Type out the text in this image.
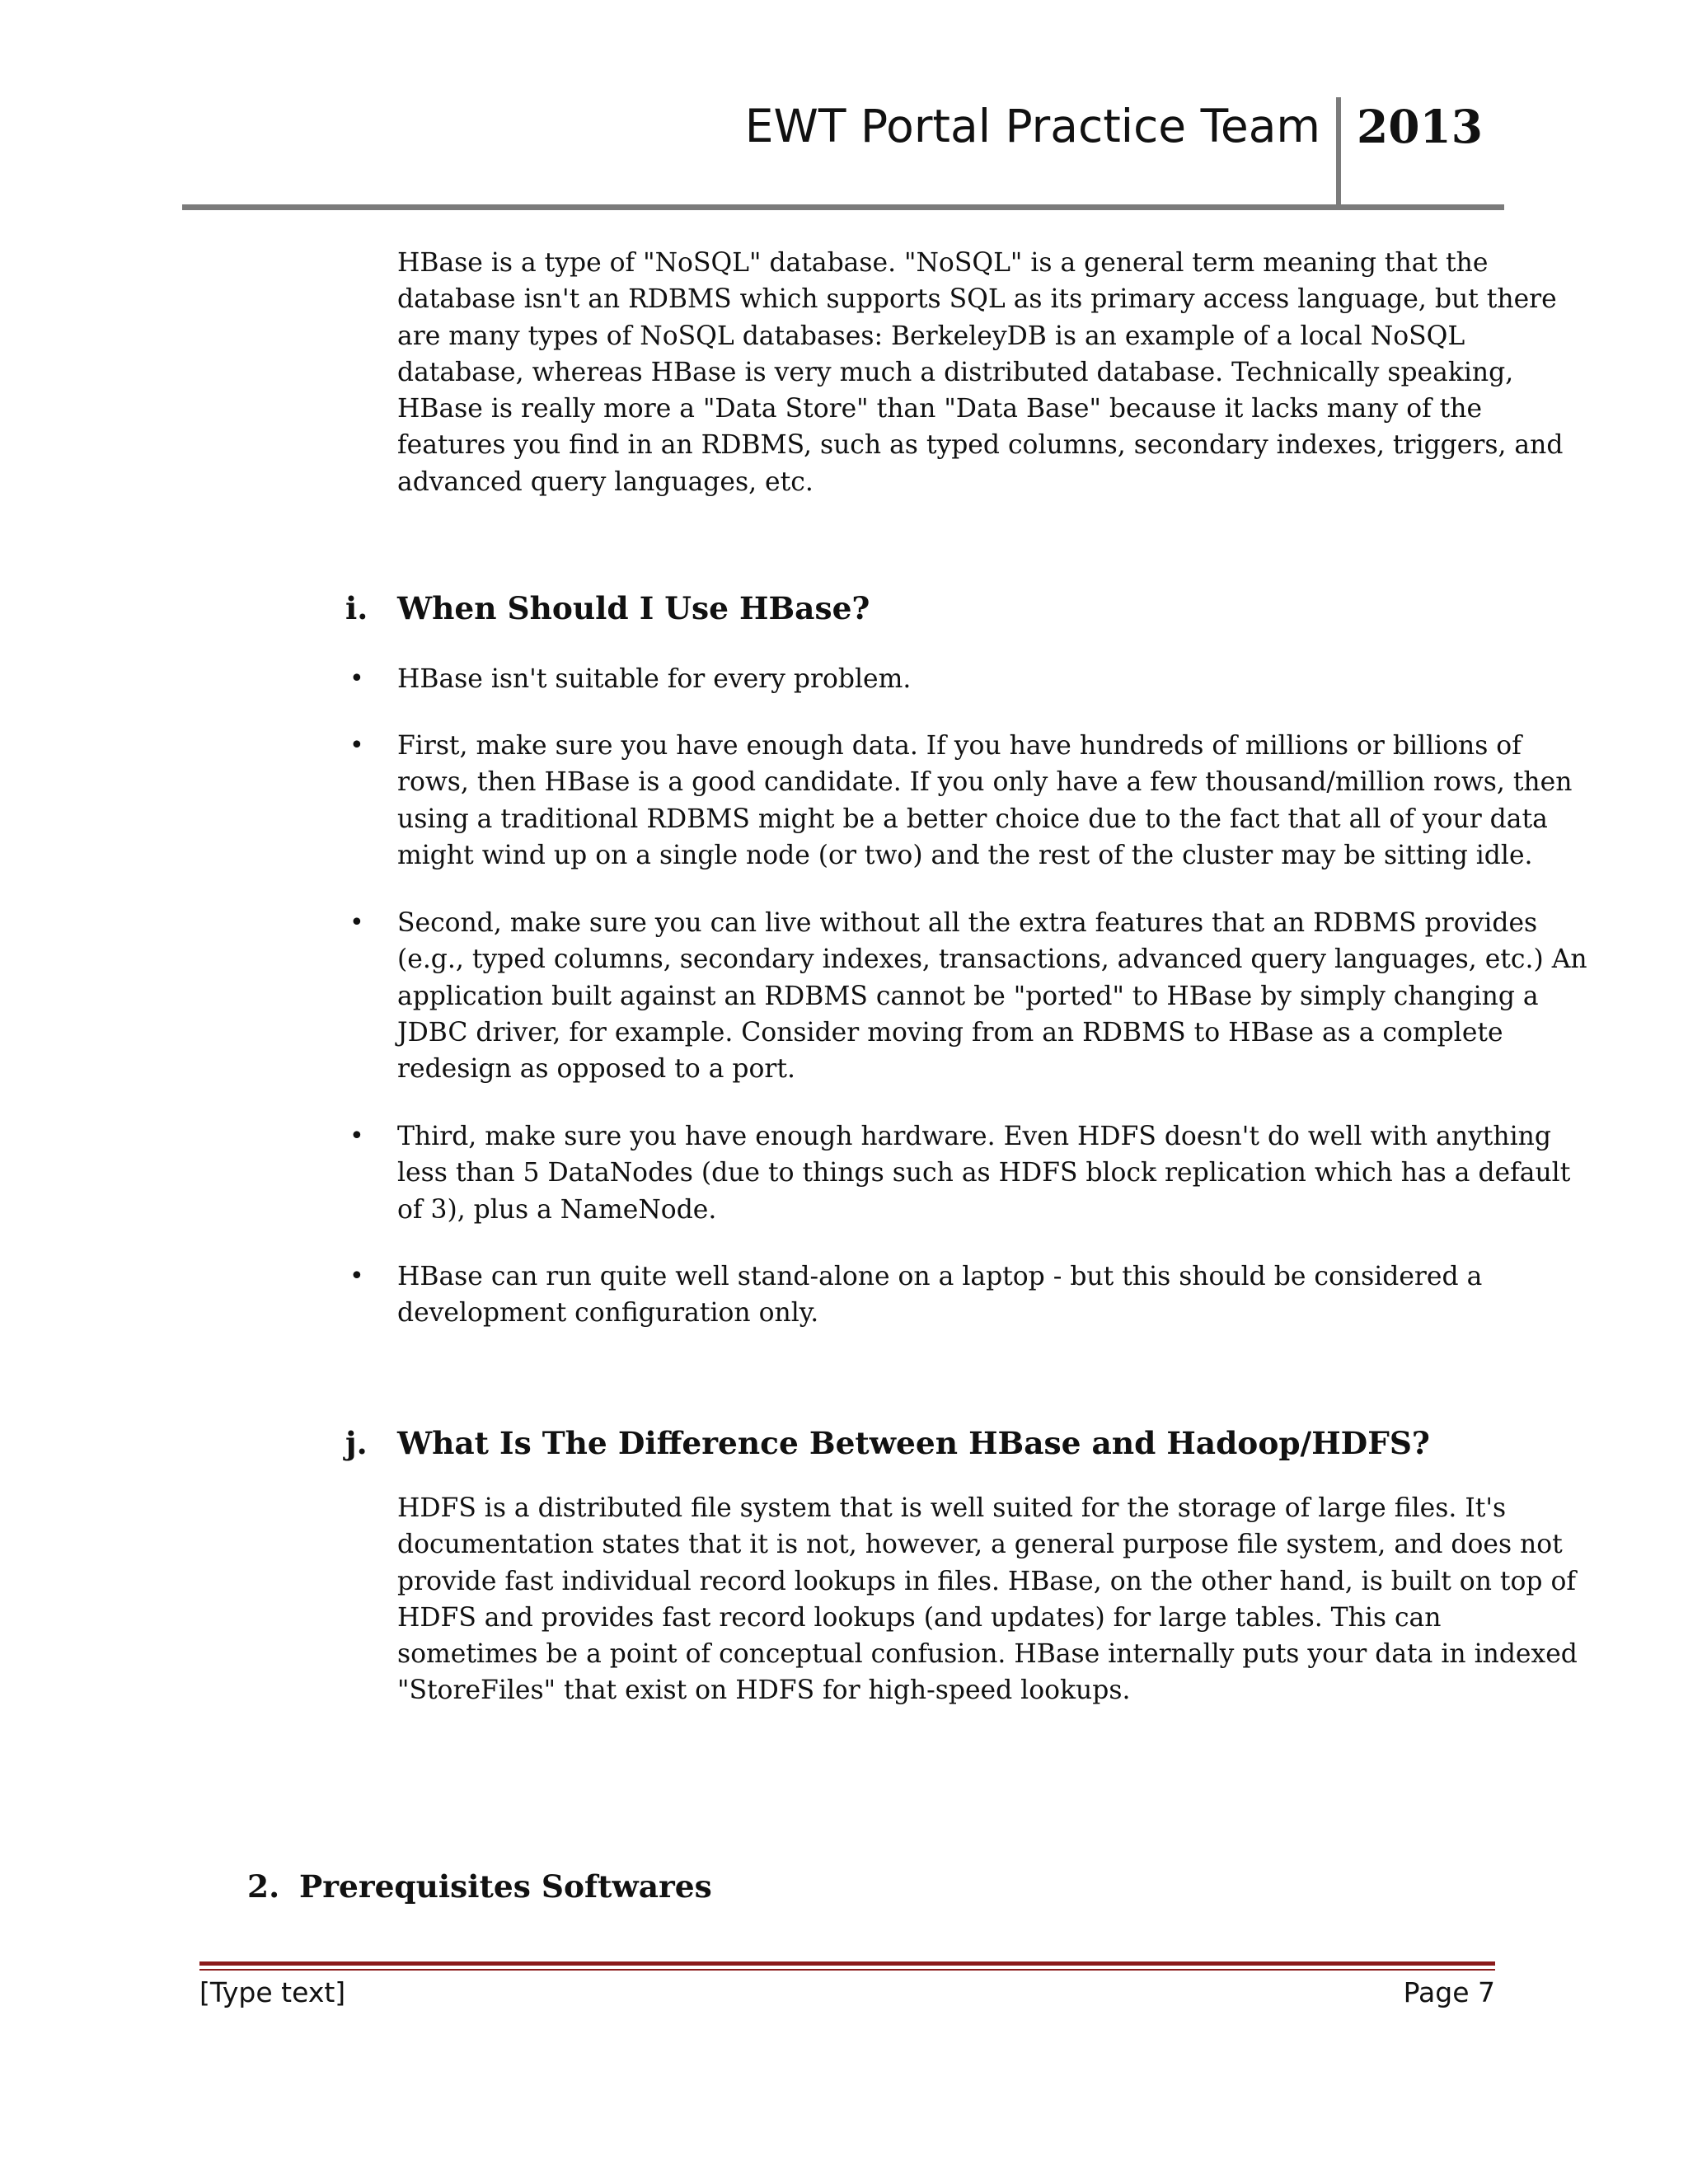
EWT Portal Practice Team 2013

HBase is a type of "NoSQL" database. "NoSQL" is a general term meaning that the
database isn't an RDBMS which supports SQL as its primary access language, but there
are many types of NoSQL databases: BerkeleyDB is an example of a local NoSQL
database, whereas HBase is very much a distributed database. Technically speaking,
HBase is really more a "Data Store" than "Data Base" because it lacks many of the
features you find in an RDBMS, such as typed columns, secondary indexes, triggers, and
advanced query languages, etc.

i. When Should I Use HBase?
• HBase isn't suitable for every problem.
• First, make sure you have enough data. If you have hundreds of millions or billions of
rows, then HBase is a good candidate. If you only have a few thousand/million rows, then
using a traditional RDBMS might be a better choice due to the fact that all of your data
might wind up on a single node (or two) and the rest of the cluster may be sitting idle.
• Second, make sure you can live without all the extra features that an RDBMS provides
(e.g., typed columns, secondary indexes, transactions, advanced query languages, etc.) An
application built against an RDBMS cannot be "ported" to HBase by simply changing a
JDBC driver, for example. Consider moving from an RDBMS to HBase as a complete
redesign as opposed to a port.
• Third, make sure you have enough hardware. Even HDFS doesn't do well with anything
less than 5 DataNodes (due to things such as HDFS block replication which has a default
of 3), plus a NameNode.
• HBase can run quite well stand-alone on a laptop - but this should be considered a
development configuration only.
j. What Is The Difference Between HBase and Hadoop/HDFS?

HDFS is a distributed file system that is well suited for the storage of large files. It's
documentation states that it is not, however, a general purpose file system, and does not
provide fast individual record lookups in files. HBase, on the other hand, is built on top of
HDFS and provides fast record lookups (and updates) for large tables. This can
sometimes be a point of conceptual confusion. HBase internally puts your data in indexed
"StoreFiles" that exist on HDFS for high-speed lookups.

2. Prerequisites Softwares
[Type text]	Page 7
